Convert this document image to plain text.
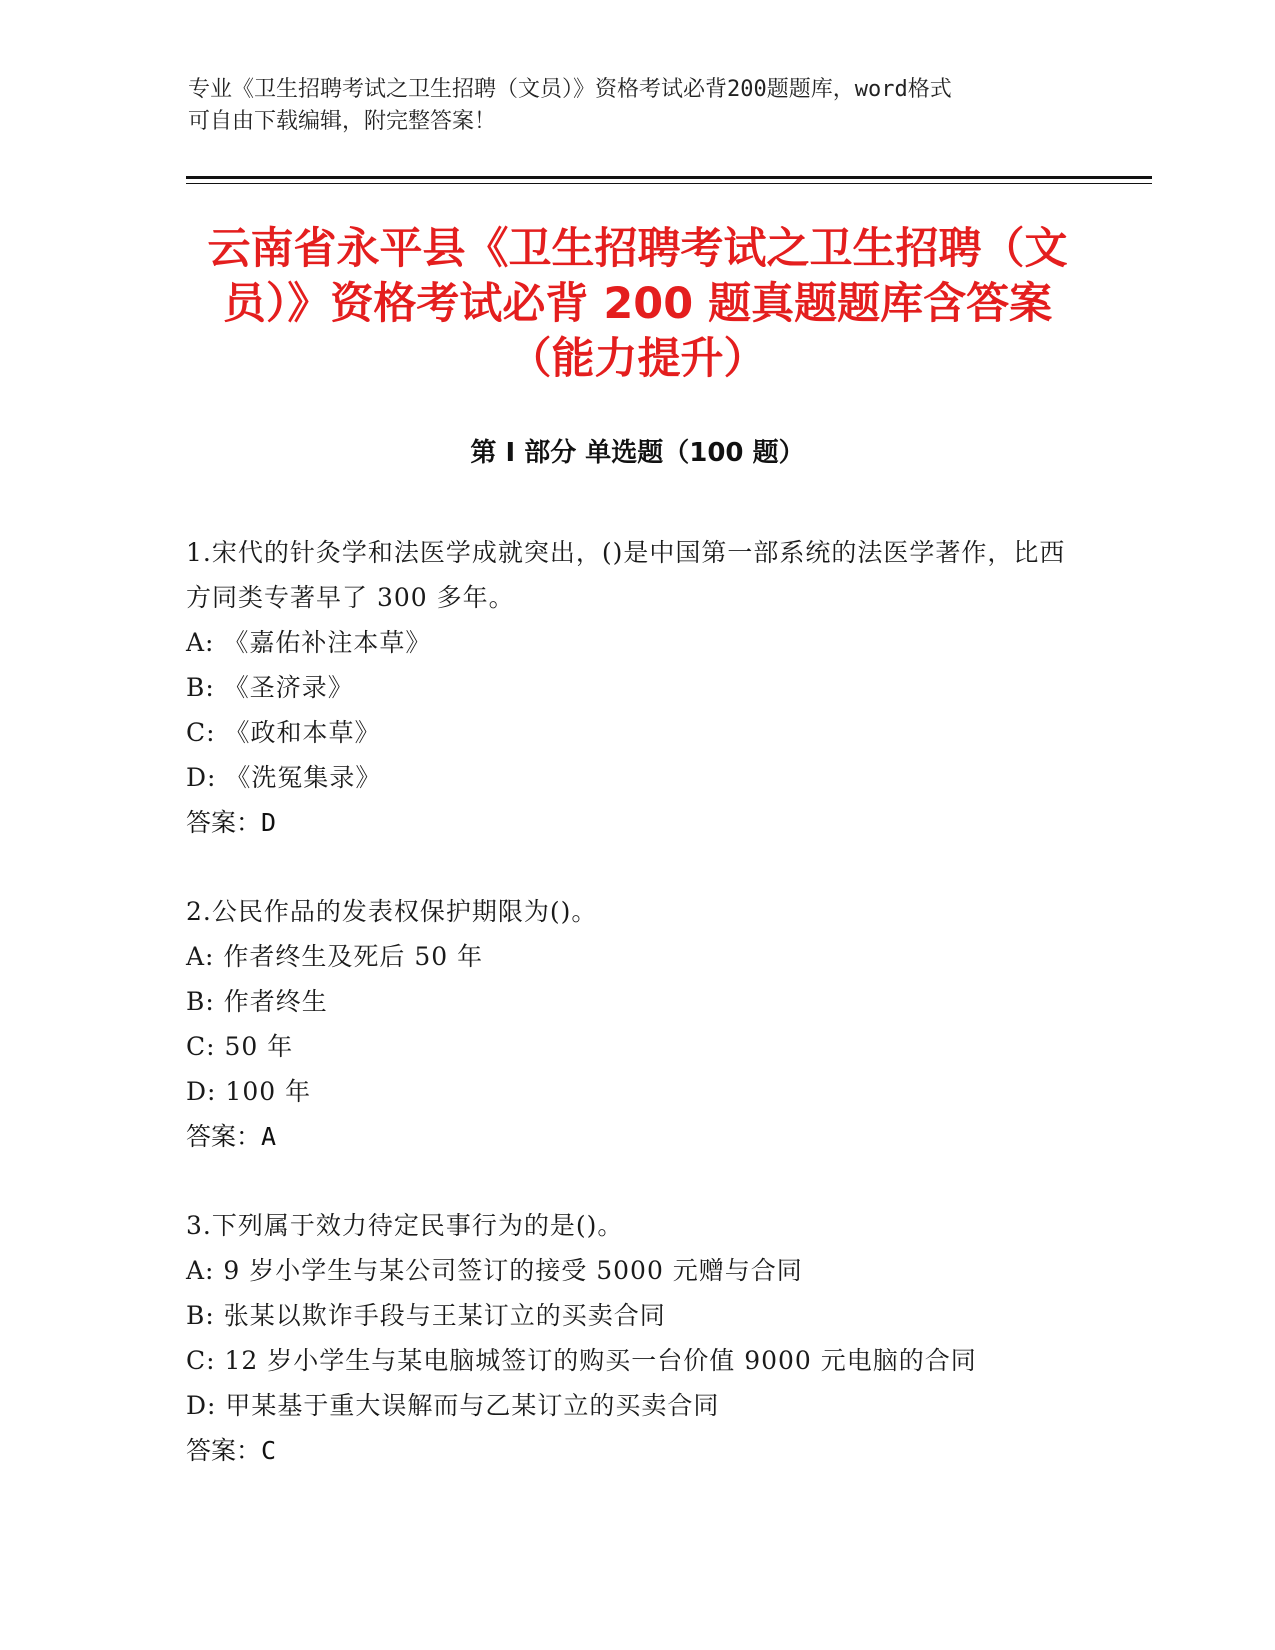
专业《卫生招聘考试之卫生招聘（文员）》资格考试必背200题题库，word格式
可自由下载编辑，附完整答案！
云南省永平县《卫生招聘考试之卫生招聘（文员）》资格考试必背 200 题真题题库含答案（能力提升）
第 I 部分 单选题（100 题）
1.宋代的针灸学和法医学成就突出，()是中国第一部系统的法医学著作，比西方同类专著早了 300 多年。
A: 《嘉佑补注本草》
B: 《圣济录》
C: 《政和本草》
D: 《洗冤集录》
答案：D
2.公民作品的发表权保护期限为()。
A: 作者终生及死后 50 年
B: 作者终生
C: 50 年
D: 100 年
答案：A
3.下列属于效力待定民事行为的是()。
A: 9 岁小学生与某公司签订的接受 5000 元赠与合同
B: 张某以欺诈手段与王某订立的买卖合同
C: 12 岁小学生与某电脑城签订的购买一台价值 9000 元电脑的合同
D: 甲某基于重大误解而与乙某订立的买卖合同
答案：C
